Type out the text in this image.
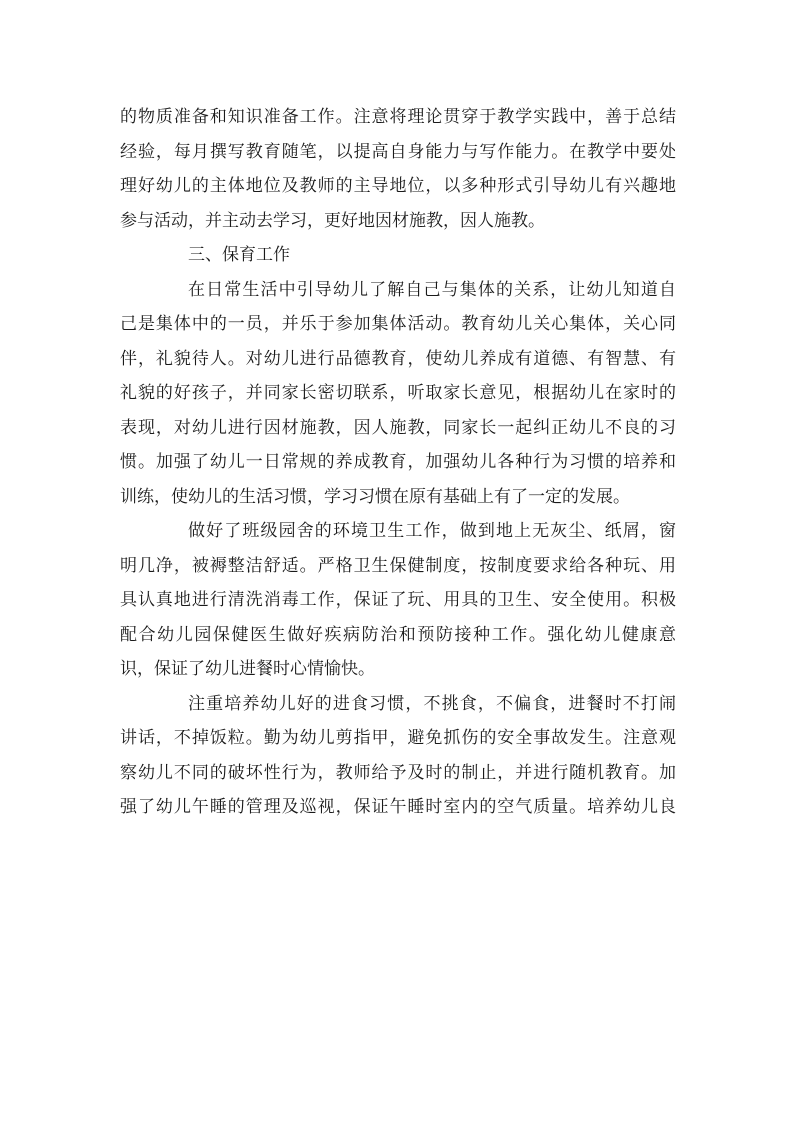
的物质准备和知识准备工作。注意将理论贯穿于教学实践中，善于总结
经验，每月撰写教育随笔，以提高自身能力与写作能力。在教学中要处
理好幼儿的主体地位及教师的主导地位，以多种形式引导幼儿有兴趣地
参与活动，并主动去学习，更好地因材施教，因人施教。
三、保育工作
在日常生活中引导幼儿了解自己与集体的关系，让幼儿知道自
己是集体中的一员，并乐于参加集体活动。教育幼儿关心集体，关心同
伴，礼貌待人。对幼儿进行品德教育，使幼儿养成有道德、有智慧、有
礼貌的好孩子，并同家长密切联系，听取家长意见，根据幼儿在家时的
表现，对幼儿进行因材施教，因人施教，同家长一起纠正幼儿不良的习
惯。加强了幼儿一日常规的养成教育，加强幼儿各种行为习惯的培养和
训练，使幼儿的生活习惯，学习习惯在原有基础上有了一定的发展。
做好了班级园舍的环境卫生工作，做到地上无灰尘、纸屑，窗
明几净，被褥整洁舒适。严格卫生保健制度，按制度要求给各种玩、用
具认真地进行清洗消毒工作，保证了玩、用具的卫生、安全使用。积极
配合幼儿园保健医生做好疾病防治和预防接种工作。强化幼儿健康意
识，保证了幼儿进餐时心情愉快。
注重培养幼儿好的进食习惯，不挑食，不偏食，进餐时不打闹
讲话，不掉饭粒。勤为幼儿剪指甲，避免抓伤的安全事故发生。注意观
察幼儿不同的破坏性行为，教师给予及时的制止，并进行随机教育。加
强了幼儿午睡的管理及巡视，保证午睡时室内的空气质量。培养幼儿良
